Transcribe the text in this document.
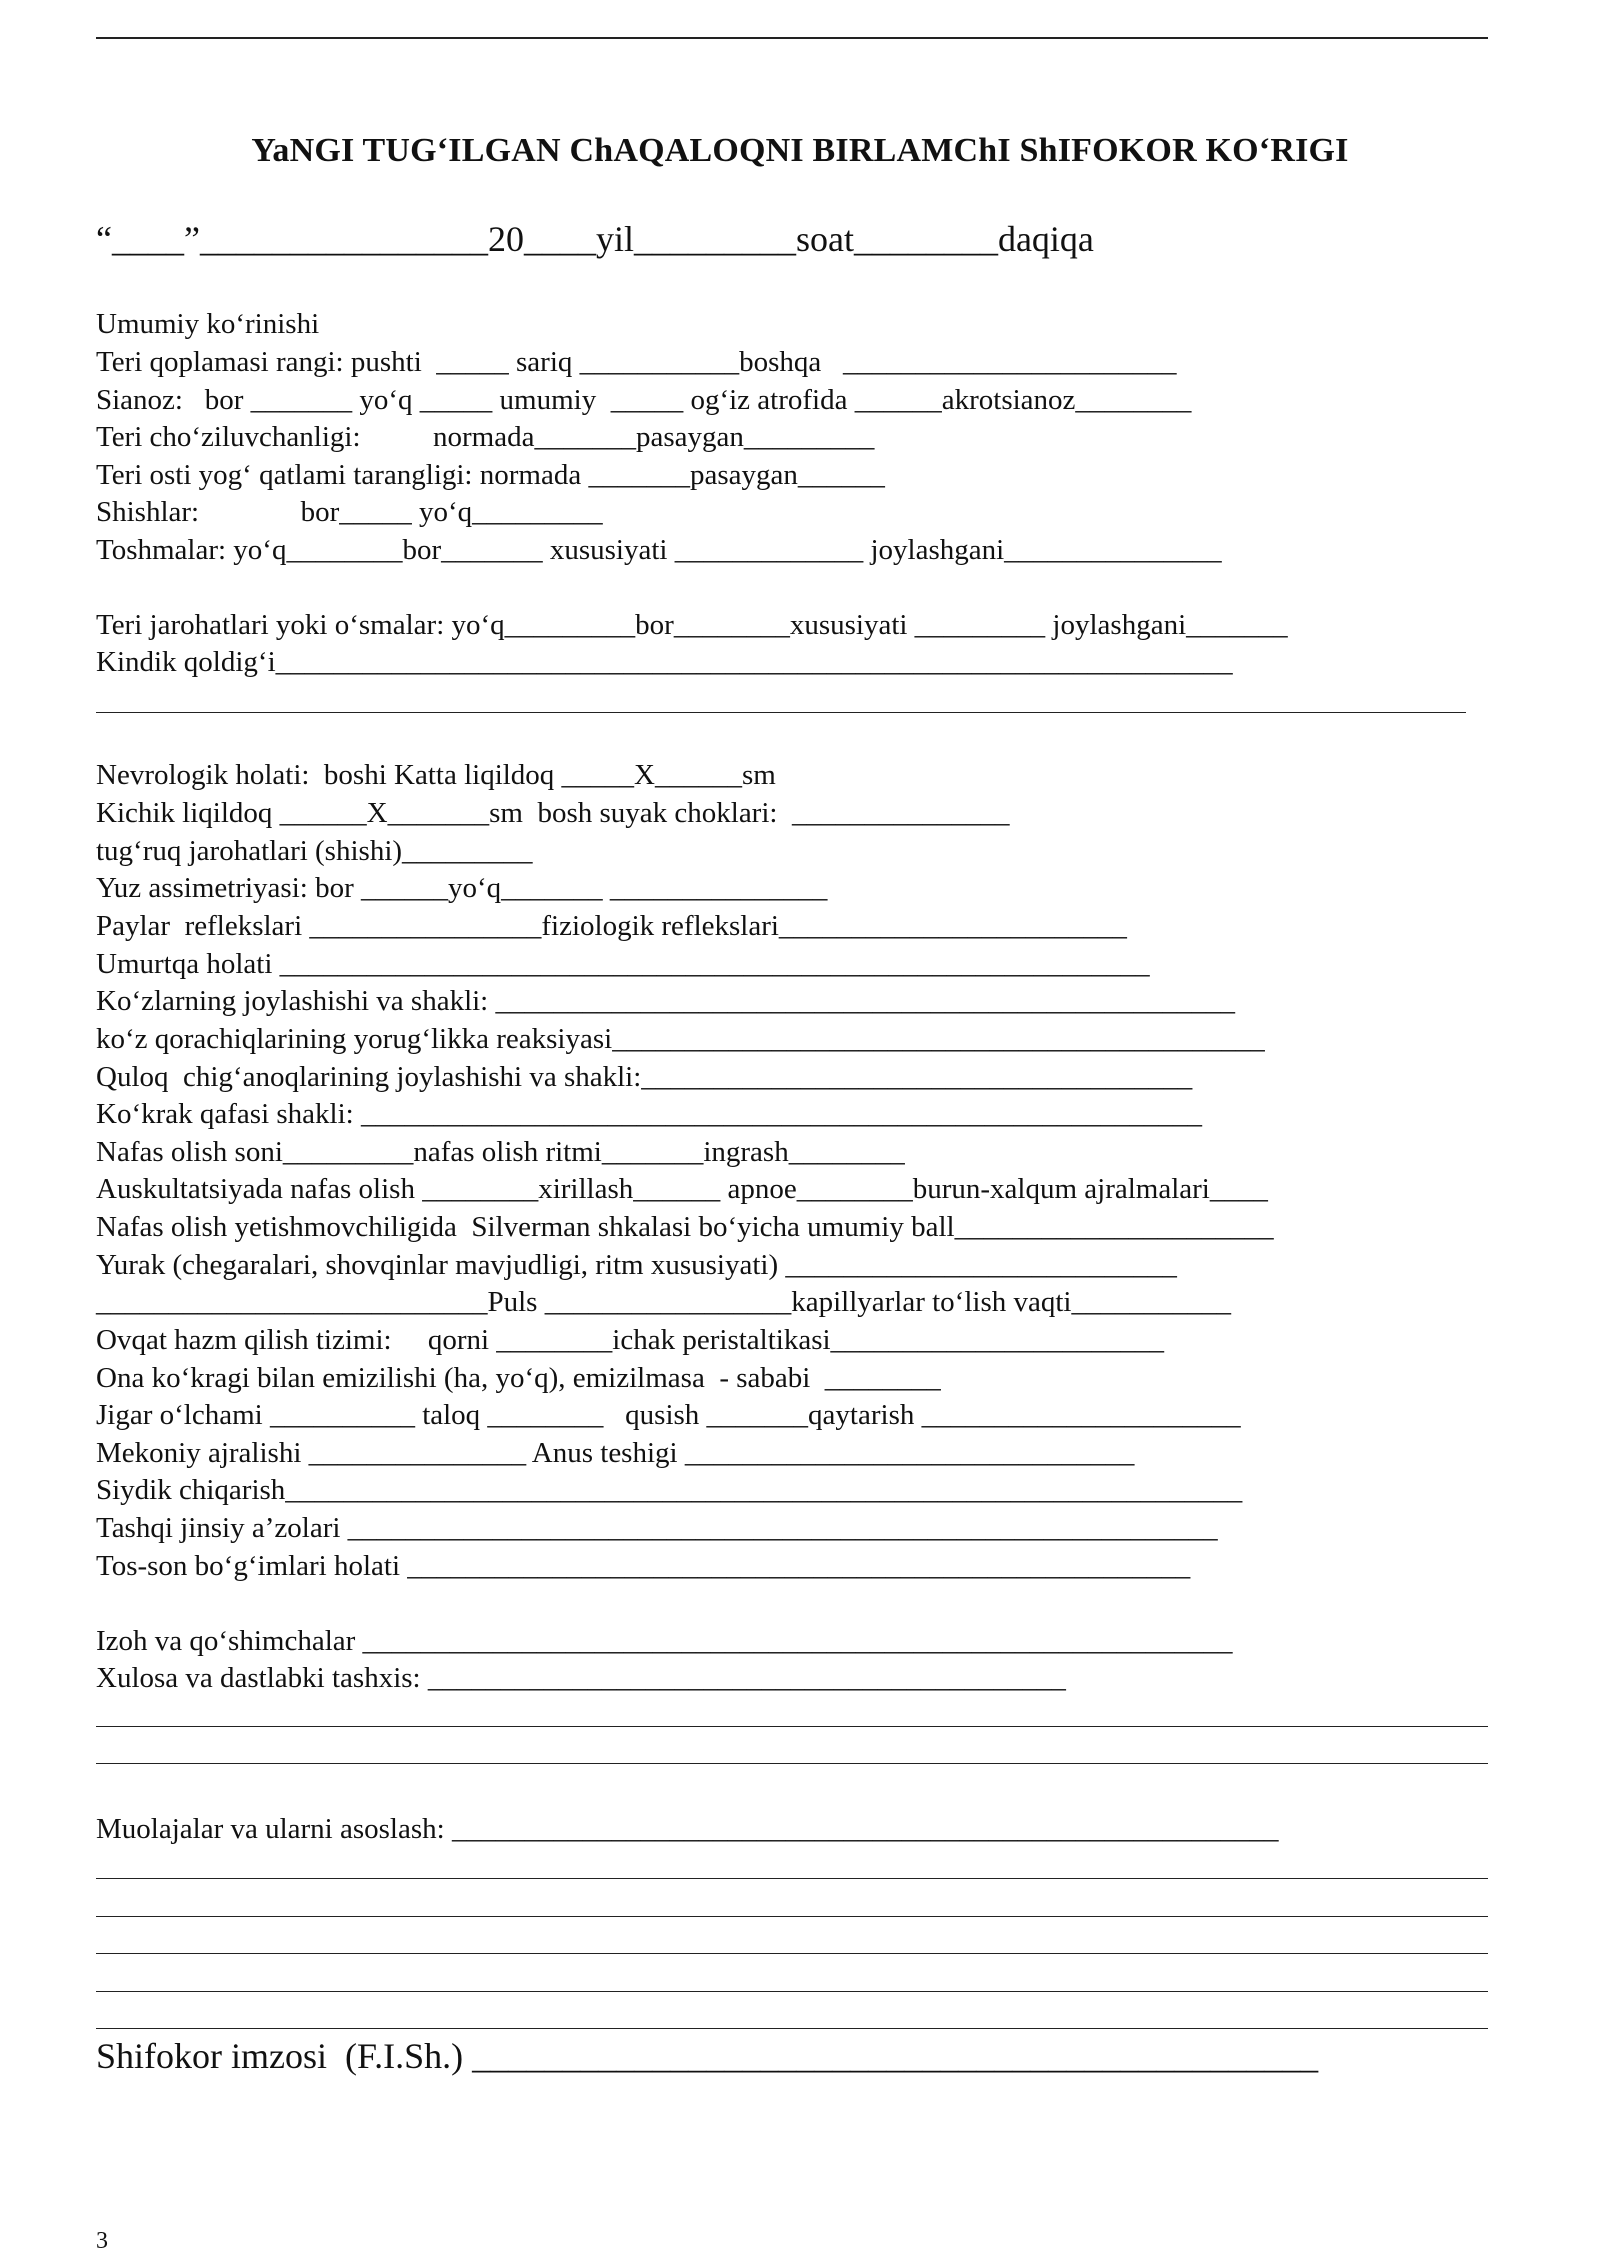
YaNGI TUG‘ILGAN ChAQALOQNI BIRLAMChI ShIFOKOR KO‘RIGI
“____”________________20____yil_________soat________daqiqa
Umumiy ko‘rinishi
Teri qoplamasi rangi: pushti  _____ sariq ___________boshqa   _______________________
Sianoz:   bor _______ yo‘q _____ umumiy  _____ og‘iz atrofida ______akrotsianoz________
Teri cho‘ziluvchanligi:          normada_______pasaygan_________
Teri osti yog‘ qatlami tarangligi: normada _______pasaygan______
Shishlar:              bor_____ yo‘q_________
Toshmalar: yo‘q________bor_______ xususiyati _____________ joylashgani_______________
Teri jarohatlari yoki o‘smalar: yo‘q_________bor________xususiyati _________ joylashgani_______
Kindik qoldig‘i__________________________________________________________________
Nevrologik holati:  boshi Katta liqildoq _____X______sm
Kichik liqildoq ______X_______sm  bosh suyak choklari:  _______________
tug‘ruq jarohatlari (shishi)_________
Yuz assimetriyasi: bor ______yo‘q_______ _______________
Paylar  reflekslari ________________fiziologik reflekslari________________________
Umurtqa holati ____________________________________________________________
Ko‘zlarning joylashishi va shakli: ___________________________________________________
ko‘z qorachiqlarining yorug‘likka reaksiyasi_____________________________________________
Quloq  chig‘anoqlarining joylashishi va shakli:______________________________________
Ko‘krak qafasi shakli: __________________________________________________________
Nafas olish soni_________nafas olish ritmi_______ingrash________
Auskultatsiyada nafas olish ________xirillash______ apnoe________burun-xalqum ajralmalari____
Nafas olish yetishmovchiligida  Silverman shkalasi bo‘yicha umumiy ball______________________
Yurak (chegaralari, shovqinlar mavjudligi, ritm xususiyati) ___________________________
___________________________Puls _________________kapillyarlar to‘lish vaqti___________
Ovqat hazm qilish tizimi:     qorni ________ichak peristaltikasi_______________________
Ona ko‘kragi bilan emizilishi (ha, yo‘q), emizilmasa  - sababi  ________
Jigar o‘lchami __________ taloq ________   qusish _______qaytarish ______________________
Mekoniy ajralishi _______________ Anus teshigi _______________________________
Siydik chiqarish__________________________________________________________________
Tashqi jinsiy a’zolari ____________________________________________________________
Tos-son bo‘g‘imlari holati ______________________________________________________
Izoh va qo‘shimchalar ____________________________________________________________
Xulosa va dastlabki tashxis: ____________________________________________
Muolajalar va ularni asoslash: _________________________________________________________
Shifokor imzosi  (F.I.Sh.) _______________________________________________
3
